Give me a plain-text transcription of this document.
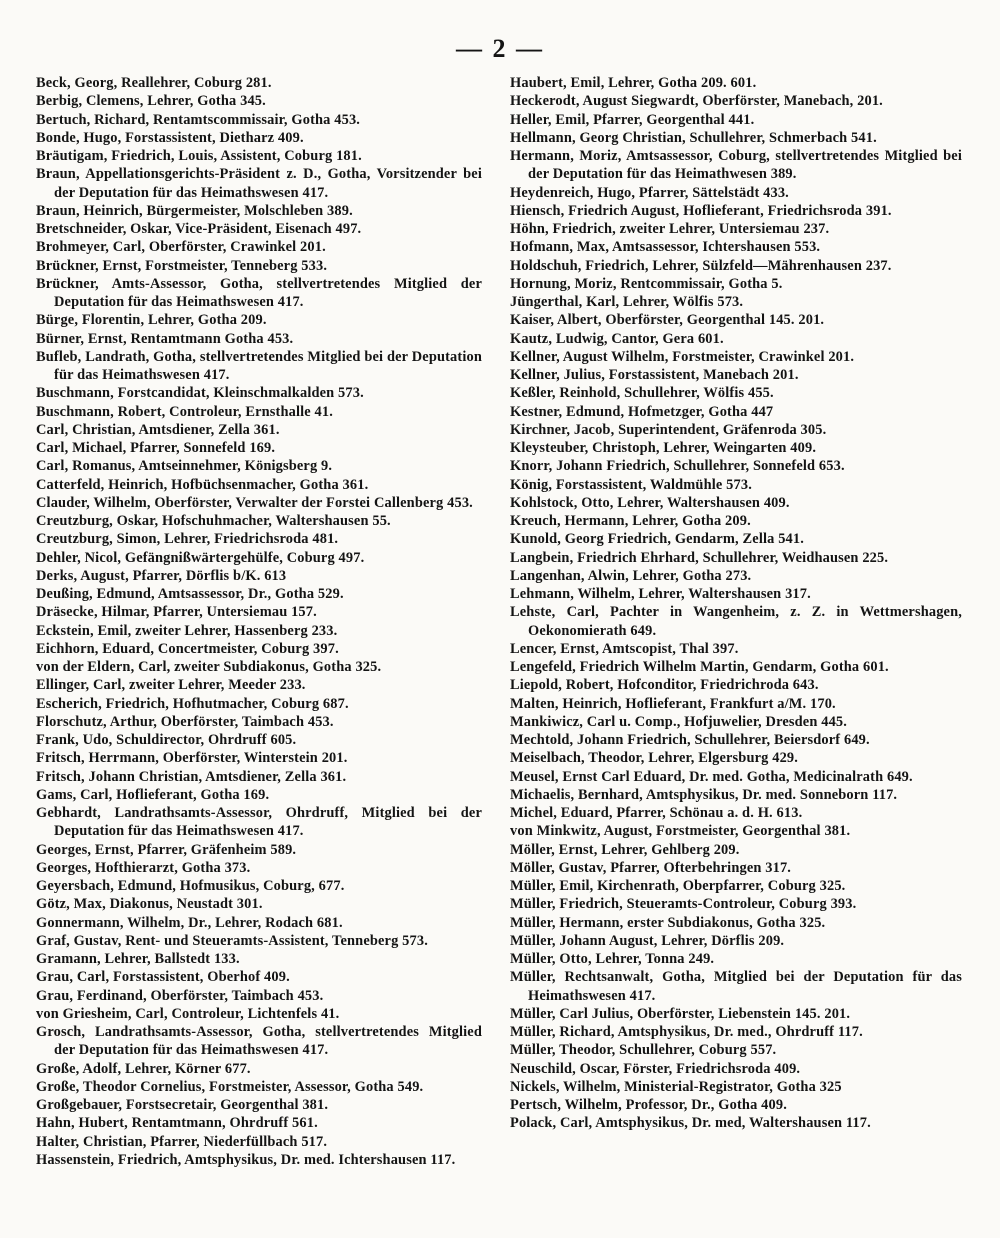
— 2 —
Beck, Georg, Reallehrer, Coburg 281.
Berbig, Clemens, Lehrer, Gotha 345.
Bertuch, Richard, Rentamtscommissair, Gotha 453.
Bonde, Hugo, Forstassistent, Dietharz 409.
Bräutigam, Friedrich, Louis, Assistent, Coburg 181.
Braun, Appellationsgerichts-Präsident z. D., Gotha, Vorsitzender bei der Deputation für das Heimathswesen 417.
Braun, Heinrich, Bürgermeister, Molschleben 389.
Bretschneider, Oskar, Vice-Präsident, Eisenach 497.
Brohmeyer, Carl, Oberförster, Crawinkel 201.
Brückner, Ernst, Forstmeister, Tenneberg 533.
Brückner, Amts-Assessor, Gotha, stellvertretendes Mitglied der Deputation für das Heimathswesen 417.
Bürge, Florentin, Lehrer, Gotha 209.
Bürner, Ernst, Rentamtmann Gotha 453.
Bufleb, Landrath, Gotha, stellvertretendes Mitglied bei der Deputation für das Heimathswesen 417.
Buschmann, Forstcandidat, Kleinschmalkalden 573.
Buschmann, Robert, Controleur, Ernsthalle 41.
Carl, Christian, Amtsdiener, Zella 361.
Carl, Michael, Pfarrer, Sonnefeld 169.
Carl, Romanus, Amtseinnehmer, Königsberg 9.
Catterfeld, Heinrich, Hofbüchsenmacher, Gotha 361.
Clauder, Wilhelm, Oberförster, Verwalter der Forstei Callenberg 453.
Creutzburg, Oskar, Hofschuhmacher, Waltershausen 55.
Creutzburg, Simon, Lehrer, Friedrichsroda 481.
Dehler, Nicol, Gefängnißwärtergehülfe, Coburg 497.
Derks, August, Pfarrer, Dörflis b/K. 613
Deußing, Edmund, Amtsassessor, Dr., Gotha 529.
Dräsecke, Hilmar, Pfarrer, Untersiemau 157.
Eckstein, Emil, zweiter Lehrer, Hassenberg 233.
Eichhorn, Eduard, Concertmeister, Coburg 397.
von der Eldern, Carl, zweiter Subdiakonus, Gotha 325.
Ellinger, Carl, zweiter Lehrer, Meeder 233.
Escherich, Friedrich, Hofhutmacher, Coburg 687.
Florschutz, Arthur, Oberförster, Taimbach 453.
Frank, Udo, Schuldirector, Ohrdruff 605.
Fritsch, Herrmann, Oberförster, Winterstein 201.
Fritsch, Johann Christian, Amtsdiener, Zella 361.
Gams, Carl, Hoflieferant, Gotha 169.
Gebhardt, Landrathsamts-Assessor, Ohrdruff, Mitglied bei der Deputation für das Heimathswesen 417.
Georges, Ernst, Pfarrer, Gräfenheim 589.
Georges, Hofthierarzt, Gotha 373.
Geyersbach, Edmund, Hofmusikus, Coburg, 677.
Götz, Max, Diakonus, Neustadt 301.
Gonnermann, Wilhelm, Dr., Lehrer, Rodach 681.
Graf, Gustav, Rent- und Steueramts-Assistent, Tenneberg 573.
Gramann, Lehrer, Ballstedt 133.
Grau, Carl, Forstassistent, Oberhof 409.
Grau, Ferdinand, Oberförster, Taimbach 453.
von Griesheim, Carl, Controleur, Lichtenfels 41.
Grosch, Landrathsamts-Assessor, Gotha, stellvertretendes Mitglied der Deputation für das Heimathswesen 417.
Große, Adolf, Lehrer, Körner 677.
Große, Theodor Cornelius, Forstmeister, Assessor, Gotha 549.
Großgebauer, Forstsecretair, Georgenthal 381.
Hahn, Hubert, Rentamtmann, Ohrdruff 561.
Halter, Christian, Pfarrer, Niederfüllbach 517.
Hassenstein, Friedrich, Amtsphysikus, Dr. med. Ichtershausen 117.
Haubert, Emil, Lehrer, Gotha 209. 601.
Heckerodt, August Siegwardt, Oberförster, Manebach, 201.
Heller, Emil, Pfarrer, Georgenthal 441.
Hellmann, Georg Christian, Schullehrer, Schmerbach 541.
Hermann, Moriz, Amtsassessor, Coburg, stellvertretendes Mitglied bei der Deputation für das Heimathwesen 389.
Heydenreich, Hugo, Pfarrer, Sättelstädt 433.
Hiensch, Friedrich August, Hoflieferant, Friedrichsroda 391.
Höhn, Friedrich, zweiter Lehrer, Untersiemau 237.
Hofmann, Max, Amtsassessor, Ichtershausen 553.
Holdschuh, Friedrich, Lehrer, Sülzfeld—Mährenhausen 237.
Hornung, Moriz, Rentcommissair, Gotha 5.
Jüngerthal, Karl, Lehrer, Wölfis 573.
Kaiser, Albert, Oberförster, Georgenthal 145. 201.
Kautz, Ludwig, Cantor, Gera 601.
Kellner, August Wilhelm, Forstmeister, Crawinkel 201.
Kellner, Julius, Forstassistent, Manebach 201.
Keßler, Reinhold, Schullehrer, Wölfis 455.
Kestner, Edmund, Hofmetzger, Gotha 447
Kirchner, Jacob, Superintendent, Gräfenroda 305.
Kleysteuber, Christoph, Lehrer, Weingarten 409.
Knorr, Johann Friedrich, Schullehrer, Sonnefeld 653.
König, Forstassistent, Waldmühle 573.
Kohlstock, Otto, Lehrer, Waltershausen 409.
Kreuch, Hermann, Lehrer, Gotha 209.
Kunold, Georg Friedrich, Gendarm, Zella 541.
Langbein, Friedrich Ehrhard, Schullehrer, Weidhausen 225.
Langenhan, Alwin, Lehrer, Gotha 273.
Lehmann, Wilhelm, Lehrer, Waltershausen 317.
Lehste, Carl, Pachter in Wangenheim, z. Z. in Wettmershagen, Oekonomierath 649.
Lencer, Ernst, Amtscopist, Thal 397.
Lengefeld, Friedrich Wilhelm Martin, Gendarm, Gotha 601.
Liepold, Robert, Hofconditor, Friedrichroda 643.
Malten, Heinrich, Hoflieferant, Frankfurt a/M. 170.
Mankiwicz, Carl u. Comp., Hofjuwelier, Dresden 445.
Mechtold, Johann Friedrich, Schullehrer, Beiersdorf 649.
Meiselbach, Theodor, Lehrer, Elgersburg 429.
Meusel, Ernst Carl Eduard, Dr. med. Gotha, Medicinalrath 649.
Michaelis, Bernhard, Amtsphysikus, Dr. med. Sonneborn 117.
Michel, Eduard, Pfarrer, Schönau a. d. H. 613.
von Minkwitz, August, Forstmeister, Georgenthal 381.
Möller, Ernst, Lehrer, Gehlberg 209.
Möller, Gustav, Pfarrer, Ofterbehringen 317.
Müller, Emil, Kirchenrath, Oberpfarrer, Coburg 325.
Müller, Friedrich, Steueramts-Controleur, Coburg 393.
Müller, Hermann, erster Subdiakonus, Gotha 325.
Müller, Johann August, Lehrer, Dörflis 209.
Müller, Otto, Lehrer, Tonna 249.
Müller, Rechtsanwalt, Gotha, Mitglied bei der Deputation für das Heimathswesen 417.
Müller, Carl Julius, Oberförster, Liebenstein 145. 201.
Müller, Richard, Amtsphysikus, Dr. med., Ohrdruff 117.
Müller, Theodor, Schullehrer, Coburg 557.
Neuschild, Oscar, Förster, Friedrichsroda 409.
Nickels, Wilhelm, Ministerial-Registrator, Gotha 325
Pertsch, Wilhelm, Professor, Dr., Gotha 409.
Polack, Carl, Amtsphysikus, Dr. med, Waltershausen 117.
